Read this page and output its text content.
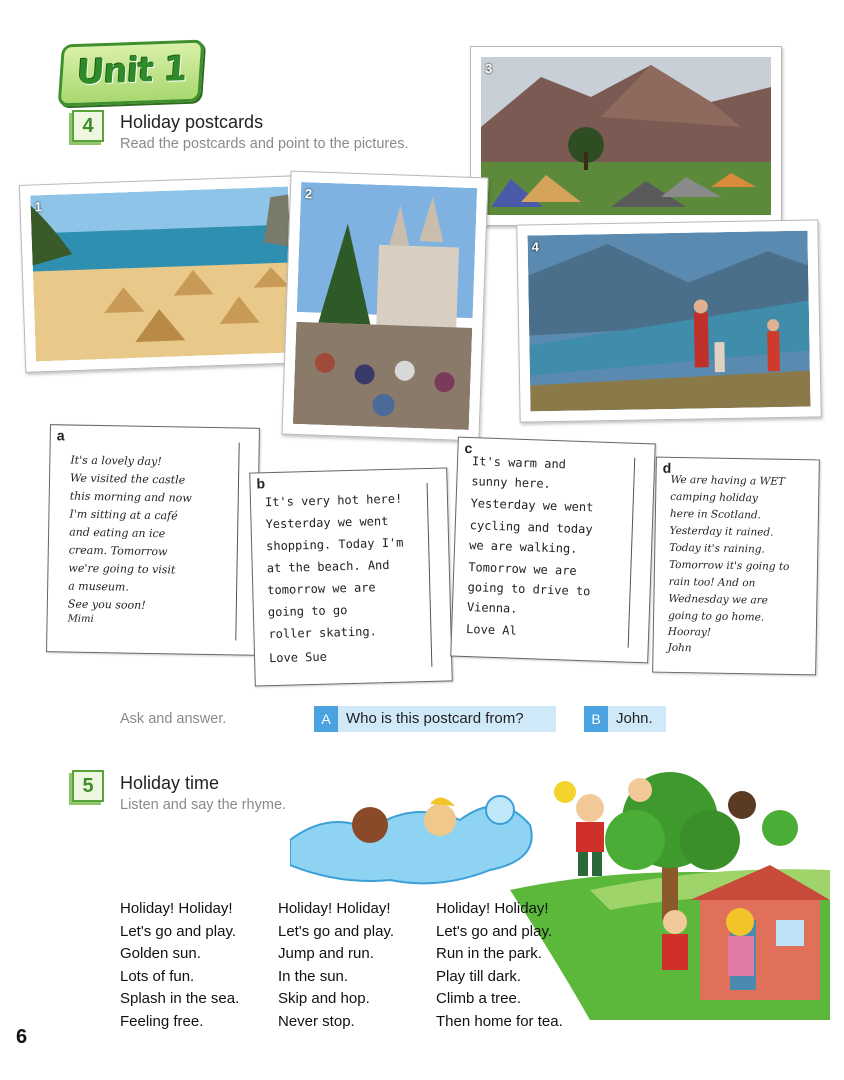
Unit 1
4	Holiday postcards
Read the postcards and point to the pictures.
3
1
2
4
a
It's a lovely day!
We visited the castle
this morning and now
I'm sitting at a café
and eating an ice
cream. Tomorrow
we're going to visit
a museum.
See you soon!
Mimi
b
It's very hot here!
Yesterday we went
shopping. Today I'm
at the beach. And
tomorrow we are
going to go
roller skating.
Love Sue
c
It's warm and
sunny here.
Yesterday we went
cycling and today
we are walking.
Tomorrow we are
going to drive to
Vienna.
Love Al
d
We are having a WET
camping holiday
here in Scotland.
Yesterday it rained.
Today it's raining.
Tomorrow it's going to
rain too! And on
Wednesday we are
going to go home.
Hooray!
John
Ask and answer.	A	Who is this postcard from?	B	John.
5	Holiday time
Listen and say the rhyme.
Holiday! Holiday!
Let's go and play.
Golden sun.
Lots of fun.
Splash in the sea.
Feeling free.
Holiday! Holiday!
Let's go and play.
Jump and run.
In the sun.
Skip and hop.
Never stop.
Holiday! Holiday!
Let's go and play.
Run in the park.
Play till dark.
Climb a tree.
Then home for tea.
6
